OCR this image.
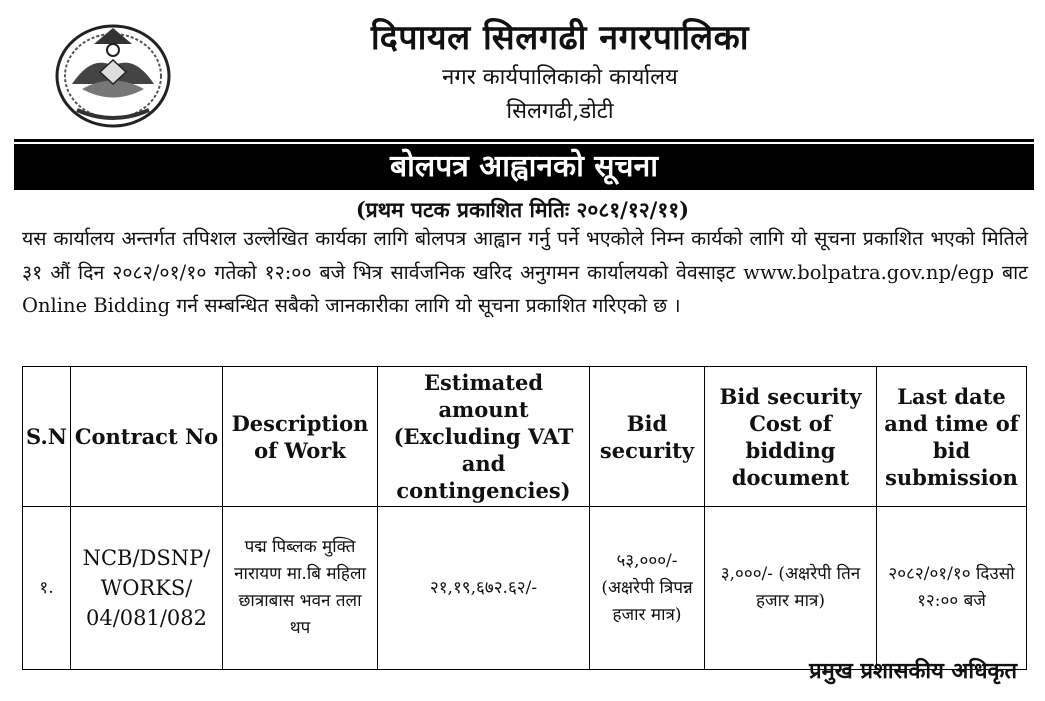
दिपायल सिलगढी नगरपालिका
नगर कार्यपालिकाको कार्यालय
सिलगढी,डोटी
बोलपत्र आह्वानको सूचना
(प्रथम पटक प्रकाशित मितिः २०८१/१२/११)
यस कार्यालय अन्तर्गत तपिशल उल्लेखित कार्यका लागि बोलपत्र आह्वान गर्नु पर्ने भएकोले निम्न कार्यको लागि यो सूचना प्रकाशित भएको मितिले ३१ औं दिन २०८२/०१/१० गतेको १२:०० बजे भित्र सार्वजनिक खरिद अनुगमन कार्यालयको वेवसाइट www.bolpatra.gov.np/egp बाट Online Bidding गर्न सम्बन्धित सबैको जानकारीका लागि यो सूचना प्रकाशित गरिएको छ ।
S.N	Contract No	Description of Work	Estimated amount (Excluding VAT and contingencies)	Bid security	Bid security Cost of bidding document	Last date and time of bid submission
१.	NCB/DSNP/ WORKS/ 04/081/082	पद्म पिब्लक मुक्ति नारायण मा.बि महिला छात्राबास भवन तला थप	२१,१९,६७२.६२/-	५३,०००/- (अक्षरेपी त्रिपन्न हजार मात्र)	३,०००/- (अक्षरेपी तिन हजार मात्र)	२०८२/०१/१० दिउसो १२:०० बजे
प्रमुख प्रशासकीय अधिकृत
